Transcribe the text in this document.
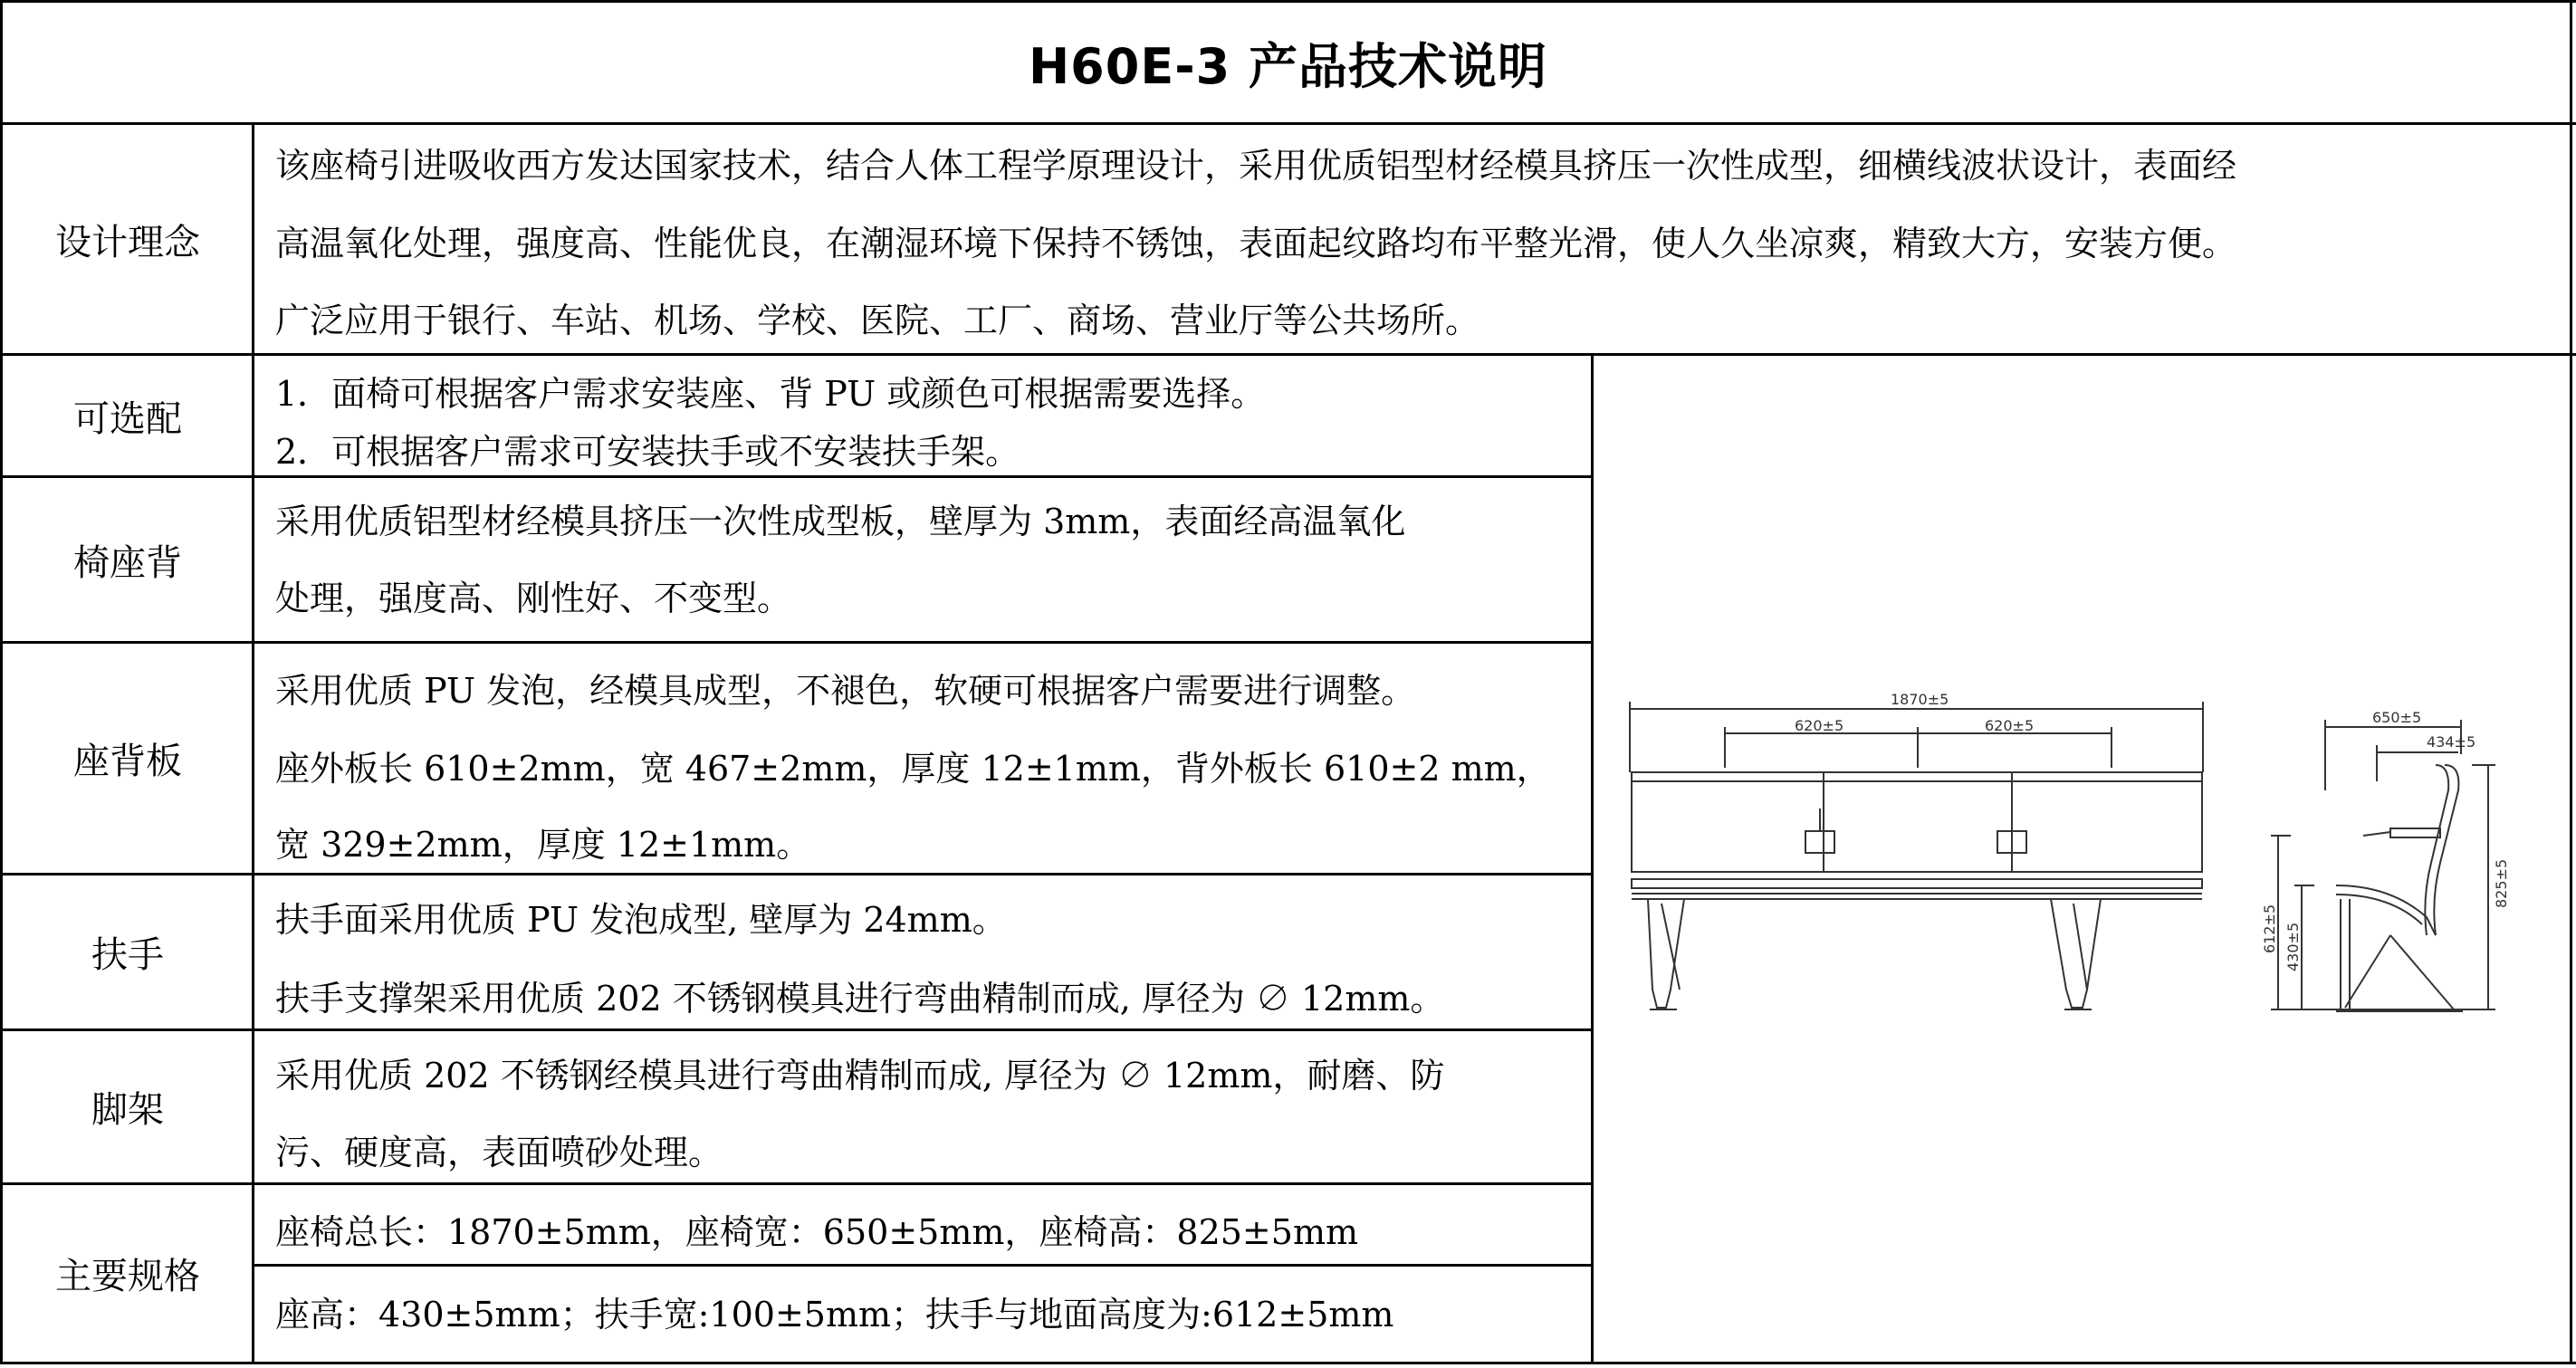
H60E-3 产品技术说明
设计理念
该座椅引进吸收西方发达国家技术，结合人体工程学原理设计，采用优质铝型材经模具挤压一次性成型，细横线波状设计，表面经
高温氧化处理，强度高、性能优良，在潮湿环境下保持不锈蚀，表面起纹路均布平整光滑，使人久坐凉爽，精致大方，安装方便。
广泛应用于银行、车站、机场、学校、医院、工厂、商场、营业厅等公共场所。
可选配
1．面椅可根据客户需求安装座、背 PU 或颜色可根据需要选择。
2．可根据客户需求可安装扶手或不安装扶手架。
椅座背
采用优质铝型材经模具挤压一次性成型板，壁厚为 3mm，表面经高温氧化
处理，强度高、刚性好、不变型。
座背板
采用优质 PU 发泡，经模具成型，不褪色，软硬可根据客户需要进行调整。
座外板长 610±2mm，宽 467±2mm，厚度 12±1mm，背外板长 610±2 mm，
宽 329±2mm，厚度 12±1mm。
扶手
扶手面采用优质 PU 发泡成型, 壁厚为 24mm。
扶手支撑架采用优质 202 不锈钢模具进行弯曲精制而成, 厚径为 ∅ 12mm。
脚架
采用优质 202 不锈钢经模具进行弯曲精制而成, 厚径为 ∅ 12mm，耐磨、防
污、硬度高，表面喷砂处理。
主要规格
座椅总长：1870±5mm，座椅宽：650±5mm，座椅高：825±5mm
座高：430±5mm；扶手宽:100±5mm；扶手与地面高度为:612±5mm
1870±5
620±5	620±5	650±5
434±5
825±5
612±5 430±5
